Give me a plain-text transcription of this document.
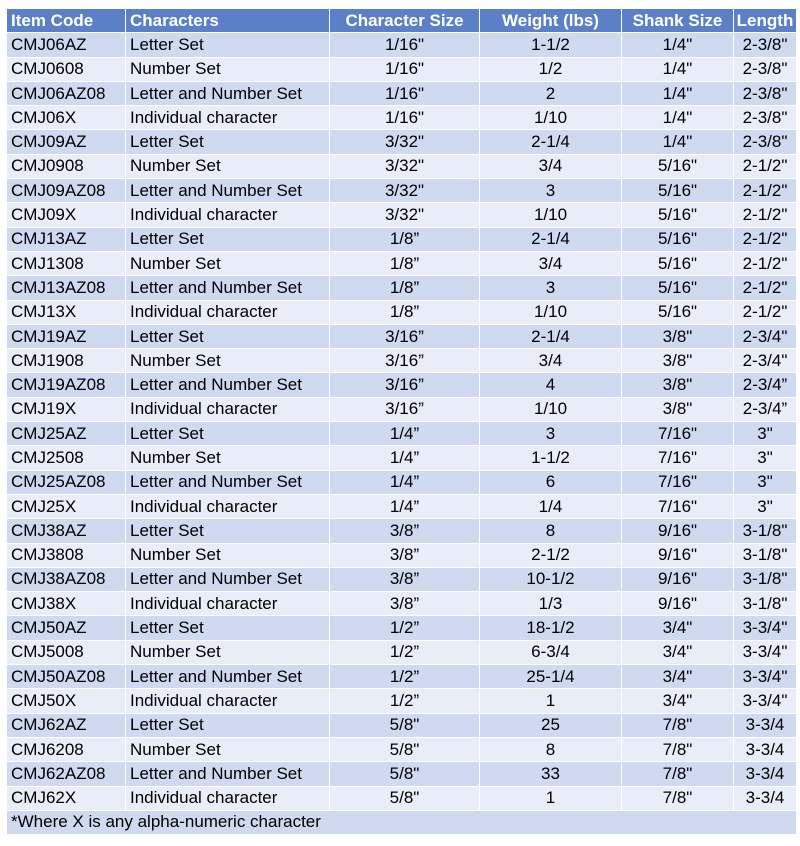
Item Code	Characters	Character Size	Weight (lbs)	Shank Size	Length
CMJ06AZ	Letter Set	1/16"	1-1/2	1/4"	2-3/8"
CMJ0608	Number Set	1/16"	1/2	1/4"	2-3/8"
CMJ06AZ08	Letter and Number Set	1/16"	2	1/4"	2-3/8"
CMJ06X	Individual character	1/16"	1/10	1/4"	2-3/8"
CMJ09AZ	Letter Set	3/32"	2-1/4	1/4"	2-3/8"
CMJ0908	Number Set	3/32"	3/4	5/16"	2-1/2"
CMJ09AZ08	Letter and Number Set	3/32"	3	5/16"	2-1/2"
CMJ09X	Individual character	3/32"	1/10	5/16"	2-1/2"
CMJ13AZ	Letter Set	1/8”	2-1/4	5/16"	2-1/2"
CMJ1308	Number Set	1/8”	3/4	5/16"	2-1/2"
CMJ13AZ08	Letter and Number Set	1/8”	3	5/16"	2-1/2"
CMJ13X	Individual character	1/8”	1/10	5/16"	2-1/2"
CMJ19AZ	Letter Set	3/16”	2-1/4	3/8"	2-3/4"
CMJ1908	Number Set	3/16”	3/4	3/8"	2-3/4"
CMJ19AZ08	Letter and Number Set	3/16”	4	3/8"	2-3/4”
CMJ19X	Individual character	3/16”	1/10	3/8"	2-3/4”
CMJ25AZ	Letter Set	1/4”	3	7/16"	3"
CMJ2508	Number Set	1/4”	1-1/2	7/16"	3"
CMJ25AZ08	Letter and Number Set	1/4”	6	7/16"	3"
CMJ25X	Individual character	1/4”	1/4	7/16"	3"
CMJ38AZ	Letter Set	3/8”	8	9/16"	3-1/8"
CMJ3808	Number Set	3/8”	2-1/2	9/16"	3-1/8"
CMJ38AZ08	Letter and Number Set	3/8”	10-1/2	9/16"	3-1/8"
CMJ38X	Individual character	3/8”	1/3	9/16"	3-1/8"
CMJ50AZ	Letter Set	1/2”	18-1/2	3/4"	3-3/4"
CMJ5008	Number Set	1/2”	6-3/4	3/4"	3-3/4"
CMJ50AZ08	Letter and Number Set	1/2”	25-1/4	3/4"	3-3/4"
CMJ50X	Individual character	1/2”	1	3/4"	3-3/4"
CMJ62AZ	Letter Set	5/8"	25	7/8"	3-3/4
CMJ6208	Number Set	5/8"	8	7/8"	3-3/4
CMJ62AZ08	Letter and Number Set	5/8"	33	7/8"	3-3/4
CMJ62X	Individual character	5/8"	1	7/8"	3-3/4
*Where X is any alpha-numeric character					
